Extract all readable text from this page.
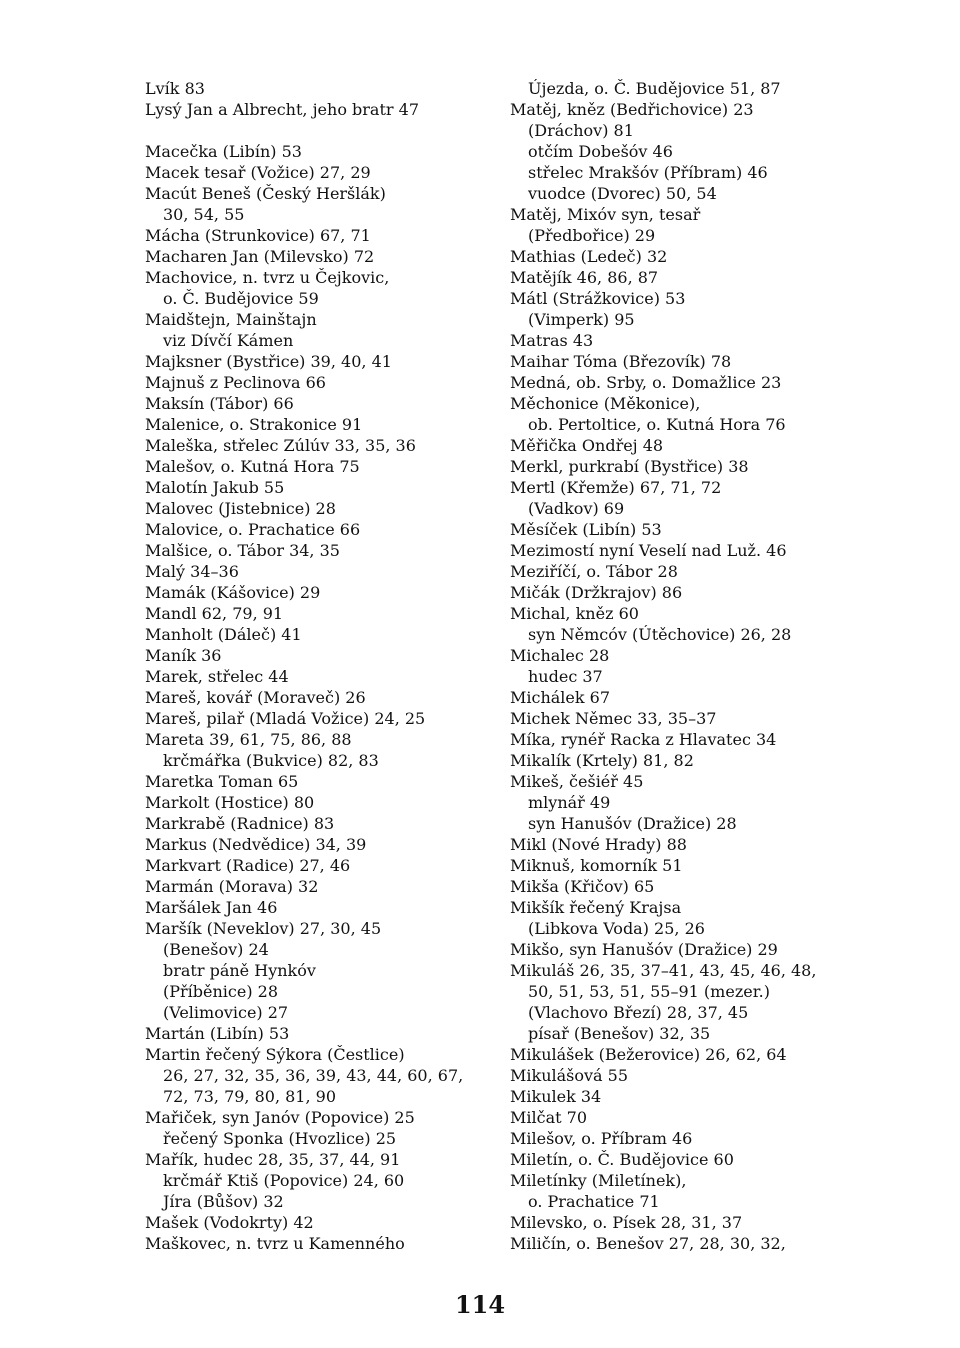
Lvík 83
Lysý Jan a Albrecht, jeho bratr 47
Macečka (Libín) 53
Macek tesař (Vožice) 27, 29
Macút Beneš (Český Heršlák)
30, 54, 55
Mácha (Strunkovice) 67, 71
Macharen Jan (Milevsko) 72
Machovice, n. tvrz u Čejkovic,
o. Č. Budějovice 59
Maidštejn, Mainštajn
viz Dívčí Kámen
Majksner (Bystřice) 39, 40, 41
Majnuš z Peclinova 66
Maksín (Tábor) 66
Malenice, o. Strakonice 91
Maleška, střelec Zúlúv 33, 35, 36
Malešov, o. Kutná Hora 75
Malotín Jakub 55
Malovec (Jistebnice) 28
Malovice, o. Prachatice 66
Malšice, o. Tábor 34, 35
Malý 34–36
Mamák (Kášovice) 29
Mandl 62, 79, 91
Manholt (Dáleč) 41
Maník 36
Marek, střelec 44
Mareš, kovář (Moraveč) 26
Mareš, pilař (Mladá Vožice) 24, 25
Mareta 39, 61, 75, 86, 88
krčmářka (Bukvice) 82, 83
Maretka Toman 65
Markolt (Hostice) 80
Markrabě (Radnice) 83
Markus (Nedvědice) 34, 39
Markvart (Radice) 27, 46
Marmán (Morava) 32
Maršálek Jan 46
Maršík (Neveklov) 27, 30, 45
(Benešov) 24
bratr páně Hynkóv
(Příběnice) 28
(Velimovice) 27
Martán (Libín) 53
Martin řečený Sýkora (Čestlice)
26, 27, 32, 35, 36, 39, 43, 44, 60, 67,
72, 73, 79, 80, 81, 90
Mařiček, syn Janóv (Popovice) 25
řečený Sponka (Hvozlice) 25
Mařík, hudec 28, 35, 37, 44, 91
krčmář Ktiš (Popovice) 24, 60
Jíra (Bůšov) 32
Mašek (Vodokrty) 42
Maškovec, n. tvrz u Kamenného
Újezda, o. Č. Budějovice 51, 87
Matěj, kněz (Bedřichovice) 23
(Dráchov) 81
otčím Dobešóv 46
střelec Mrakšóv (Příbram) 46
vuodce (Dvorec) 50, 54
Matěj, Mixóv syn, tesař
(Předbořice) 29
Mathias (Ledeč) 32
Matějík 46, 86, 87
Mátl (Strážkovice) 53
(Vimperk) 95
Matras 43
Maihar Tóma (Březovík) 78
Medná, ob. Srby, o. Domažlice 23
Měchonice (Měkonice),
ob. Pertoltice, o. Kutná Hora 76
Měřička Ondřej 48
Merkl, purkrabí (Bystřice) 38
Mertl (Křemže) 67, 71, 72
(Vadkov) 69
Měsíček (Libín) 53
Mezimostí nyní Veselí nad Luž. 46
Meziříčí, o. Tábor 28
Mičák (Držkrajov) 86
Michal, kněz 60
syn Němcóv (Útěchovice) 26, 28
Michalec 28
hudec 37
Michálek 67
Michek Němec 33, 35–37
Míka, rynéř Racka z Hlavatec 34
Mikalík (Krtely) 81, 82
Mikeš, češiéř 45
mlynář 49
syn Hanušóv (Dražice) 28
Mikl (Nové Hrady) 88
Miknuš, komorník 51
Mikša (Křičov) 65
Mikšík řečený Krajsa
(Libkova Voda) 25, 26
Mikšo, syn Hanušóv (Dražice) 29
Mikuláš 26, 35, 37–41, 43, 45, 46, 48,
50, 51, 53, 51, 55–91 (mezer.)
(Vlachovo Březí) 28, 37, 45
písař (Benešov) 32, 35
Mikulášek (Bežerovice) 26, 62, 64
Mikulášová 55
Mikulek 34
Milčat 70
Milešov, o. Příbram 46
Miletín, o. Č. Budějovice 60
Miletínky (Miletínek),
o. Prachatice 71
Milevsko, o. Písek 28, 31, 37
Miličín, o. Benešov 27, 28, 30, 32,
114
